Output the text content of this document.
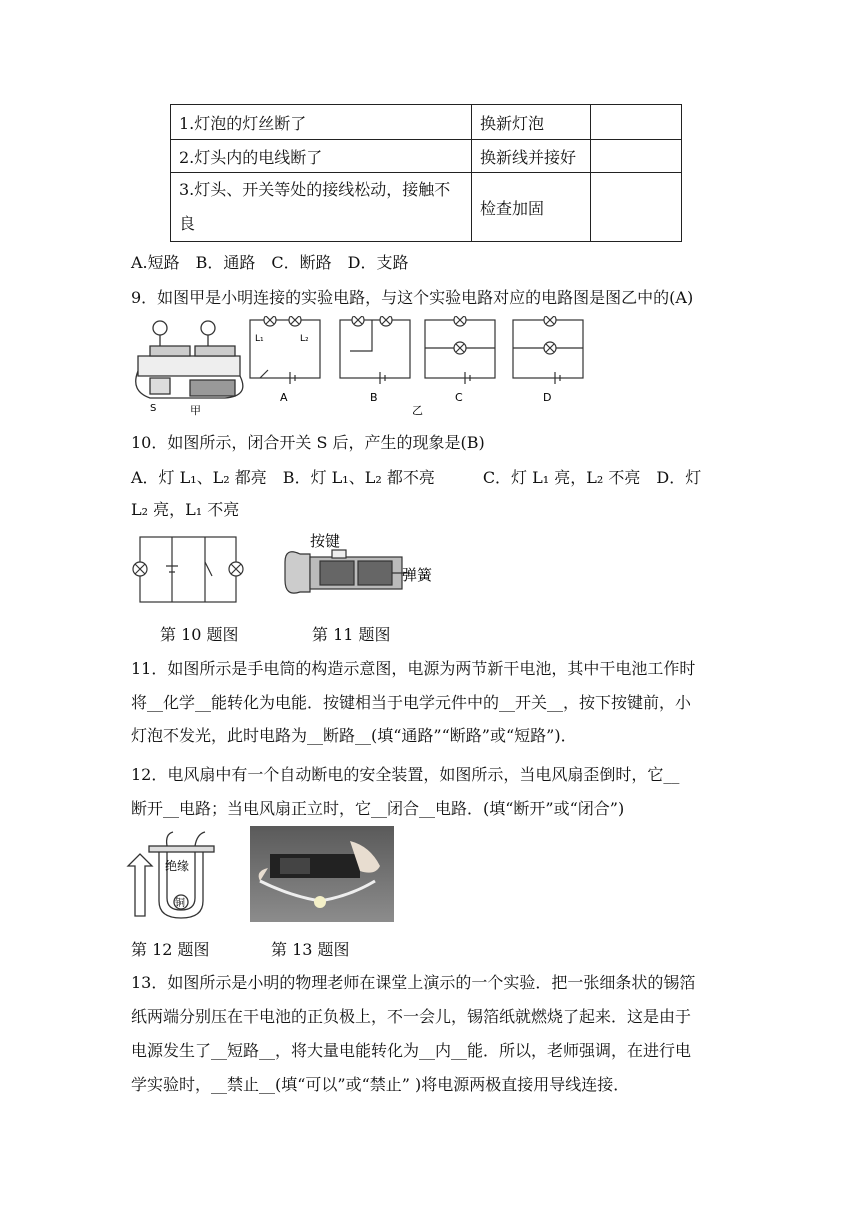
1.灯泡的灯丝断了	换新灯泡	
2.灯头内的电线断了	换新线并接好	
3.灯头、开关等处的接线松动，接触不良	检查加固	
A.短路　B．通路　C．断路　D．支路
9．如图甲是小明连接的实验电路，与这个实验电路对应的电路图是图乙中的(A)
S	甲
L₁	L₂
A	B
乙
C	D
10．如图所示，闭合开关 S 后，产生的现象是(B)
A．灯 L₁、L₂ 都亮　B．灯 L₁、L₂ 都不亮　　　C．灯 L₁ 亮，L₂ 不亮　D．灯
L₂ 亮，L₁ 不亮
按键
弹簧
第 10 题图	第 11 题图
11．如图所示是手电筒的构造示意图，电源为两节新干电池，其中干电池工作时
将__化学__能转化为电能．按键相当于电学元件中的__开关__，按下按键前，小
灯泡不发光，此时电路为__断路__(填“通路”“断路”或“短路”)．
12．电风扇中有一个自动断电的安全装置，如图所示，当电风扇歪倒时，它__
断开__电路；当电风扇正立时，它__闭合__电路．(填“断开”或“闭合”)
绝缘
铜
第 12 题图	第 13 题图
13．如图所示是小明的物理老师在课堂上演示的一个实验．把一张细条状的锡箔
纸两端分别压在干电池的正负极上，不一会儿，锡箔纸就燃烧了起来．这是由于
电源发生了__短路__，将大量电能转化为__内__能．所以，老师强调，在进行电
学实验时，__禁止__(填“可以”或“禁止” )将电源两极直接用导线连接．
